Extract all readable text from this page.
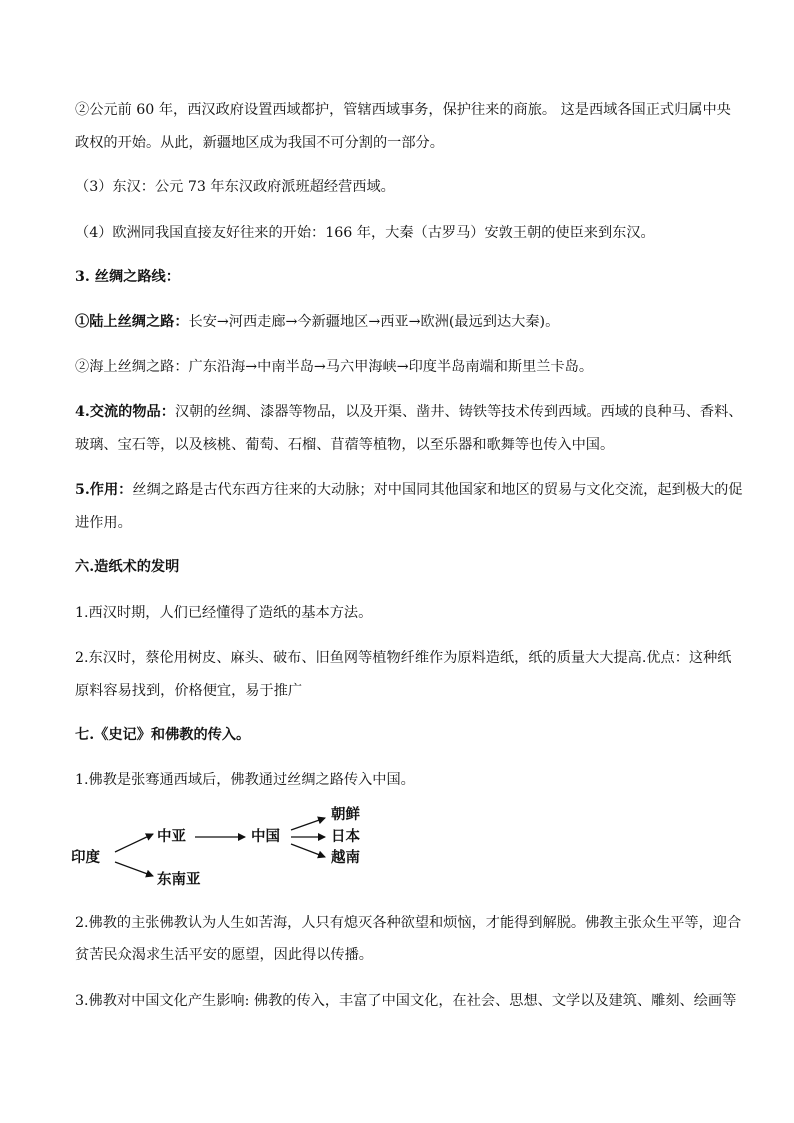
②公元前 60 年，西汉政府设置西域都护，管辖西域事务，保护往来的商旅。 这是西域各国正式归属中央
政权的开始。从此，新疆地区成为我国不可分割的一部分。
（3）东汉：公元 73 年东汉政府派班超经营西域。
（4）欧洲同我国直接友好往来的开始：166 年，大秦（古罗马）安敦王朝的使臣来到东汉。
3. 丝绸之路线：
①陆上丝绸之路：长安→河西走廊→今新疆地区→西亚→欧洲(最远到达大秦)。
②海上丝绸之路：广东沿海→中南半岛→马六甲海峡→印度半岛南端和斯里兰卡岛。
4.交流的物品：汉朝的丝绸、漆器等物品，以及开渠、凿井、铸铁等技术传到西域。西域的良种马、香料、
玻璃、宝石等，以及核桃、葡萄、石榴、苜蓿等植物，以至乐器和歌舞等也传入中国。
5.作用：丝绸之路是古代东西方往来的大动脉；对中国同其他国家和地区的贸易与文化交流，起到极大的促
进作用。
六.造纸术的发明
1.西汉时期，人们已经懂得了造纸的基本方法。
2.东汉时，蔡伦用树皮、麻头、破布、旧鱼网等植物纤维作为原料造纸，纸的质量大大提高.优点：这种纸
原料容易找到，价格便宜，易于推广
七.《史记》和佛教的传入。
1.佛教是张骞通西域后，佛教通过丝绸之路传入中国。
印度
中亚
东南亚
中国
朝鲜
日本
越南
2.佛教的主张佛教认为人生如苦海，人只有熄灭各种欲望和烦恼，才能得到解脱。佛教主张众生平等，迎合
贫苦民众渴求生活平安的愿望，因此得以传播。
3.佛教对中国文化产生影响: 佛教的传入，丰富了中国文化，在社会、思想、文学以及建筑、雕刻、绘画等
